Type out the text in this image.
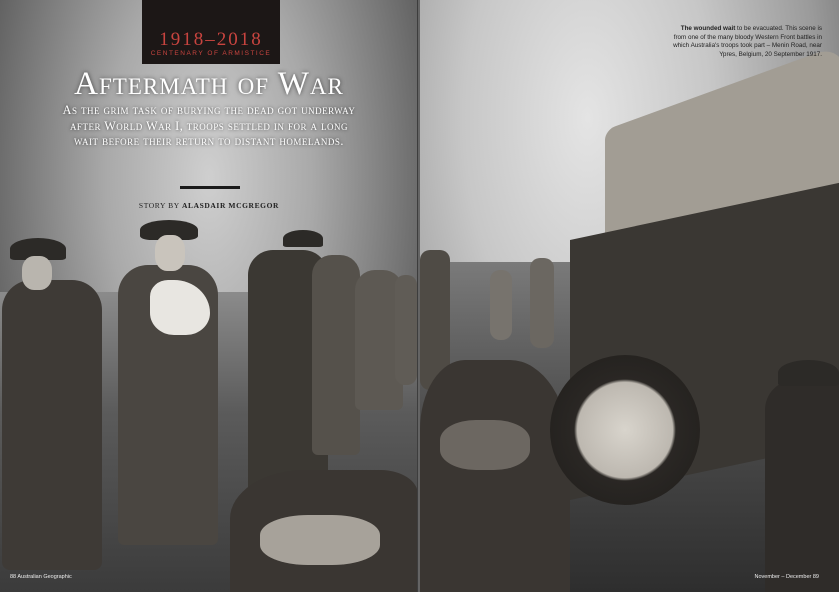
1918–2018
CENTENARY OF ARMISTICE
Aftermath of War
As the grim task of burying the dead got underway after World War I, troops settled in for a long wait before their return to distant homelands.
STORY BY ALASDAIR MCGREGOR
88 Australian Geographic
The wounded wait to be evacuated. This scene is from one of the many bloody Western Front battles in which Australia's troops took part – Menin Road, near Ypres, Belgium, 20 September 1917.
November – December 89
